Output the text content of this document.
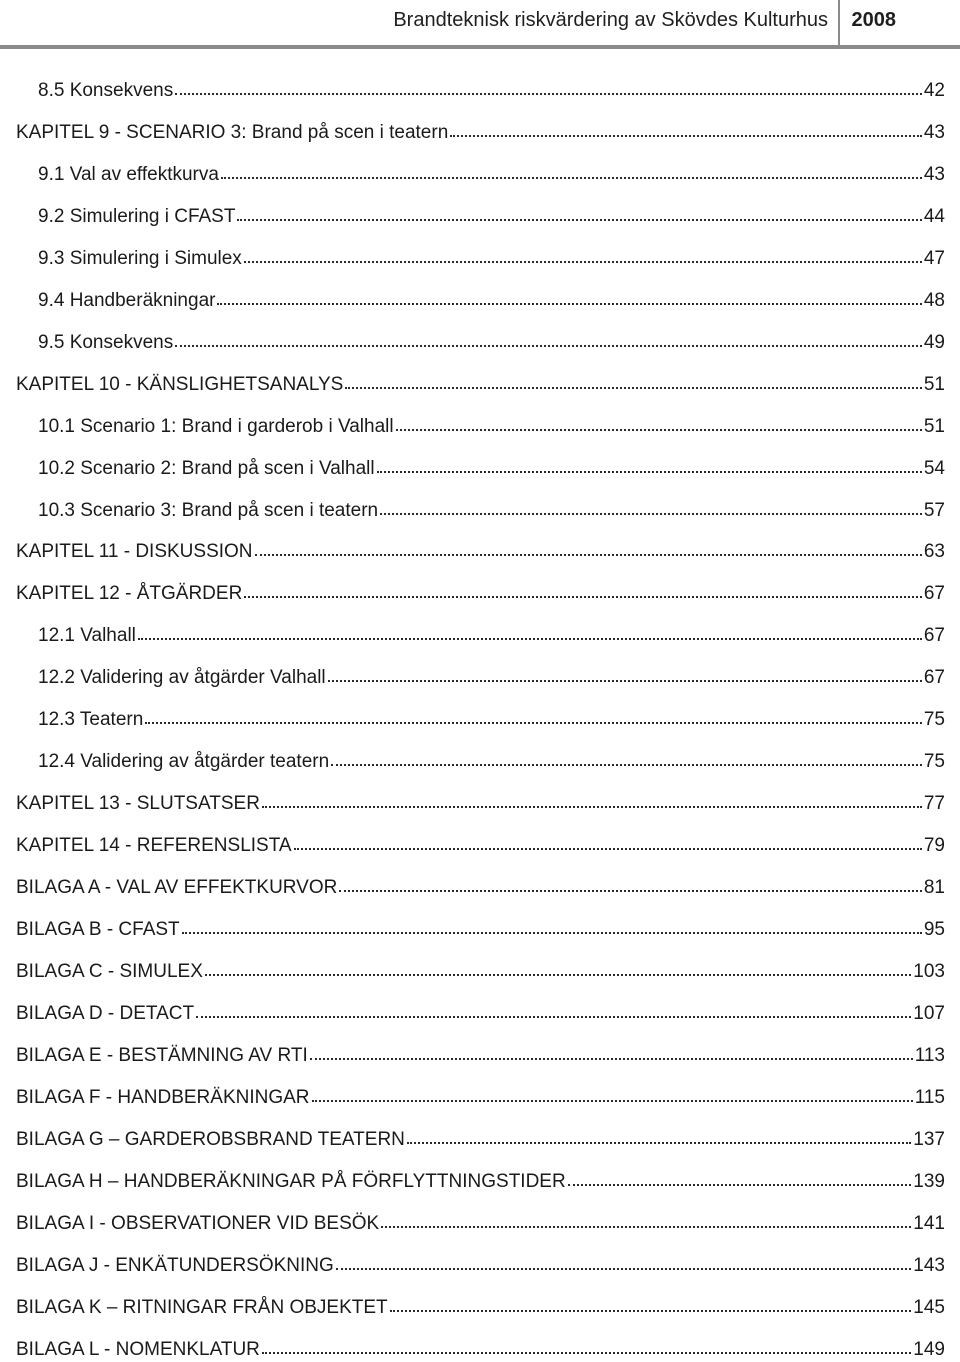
Brandteknisk riskvärdering av Skövdes Kulturhus 2008
8.5 Konsekvens	42
KAPITEL 9 - SCENARIO 3: Brand på scen i teatern	43
9.1 Val av effektkurva	43
9.2 Simulering i CFAST	44
9.3 Simulering i Simulex	47
9.4 Handberäkningar	48
9.5 Konsekvens	49
KAPITEL 10 - KÄNSLIGHETSANALYS	51
10.1 Scenario 1: Brand i garderob i Valhall	51
10.2 Scenario 2: Brand på scen i Valhall	54
10.3 Scenario 3: Brand på scen i teatern	57
KAPITEL 11 - DISKUSSION	63
KAPITEL 12 - ÅTGÄRDER	67
12.1 Valhall	67
12.2 Validering av åtgärder Valhall	67
12.3 Teatern	75
12.4 Validering av åtgärder teatern	75
KAPITEL 13 - SLUTSATSER	77
KAPITEL 14 - REFERENSLISTA	79
BILAGA A - VAL AV EFFEKTKURVOR	81
BILAGA B - CFAST	95
BILAGA C - SIMULEX	103
BILAGA D - DETACT	107
BILAGA E - BESTÄMNING AV RTI	113
BILAGA F - HANDBERÄKNINGAR	115
BILAGA G – GARDEROBSBRAND TEATERN	137
BILAGA H – HANDBERÄKNINGAR PÅ FÖRFLYTTNINGSTIDER	139
BILAGA I - OBSERVATIONER VID BESÖK	141
BILAGA J - ENKÄTUNDERSÖKNING	143
BILAGA K – RITNINGAR FRÅN OBJEKTET	145
BILAGA L - NOMENKLATUR	149
